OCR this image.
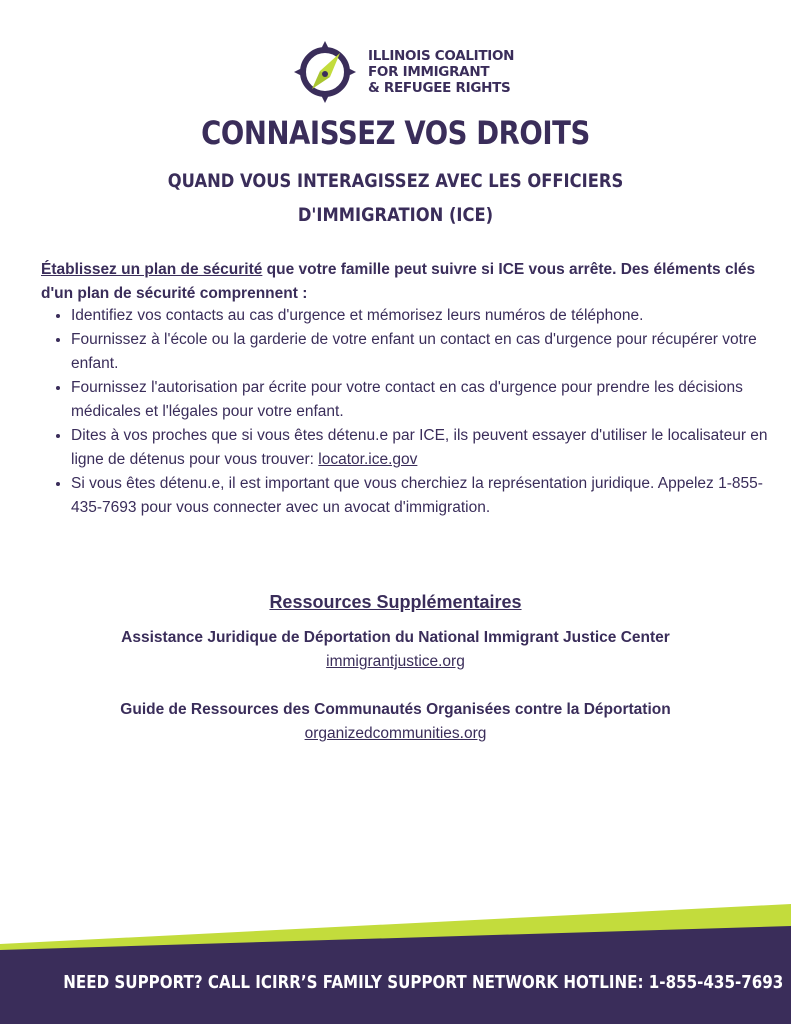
ILLINOIS COALITION
FOR IMMIGRANT
& REFUGEE RIGHTS
CONNAISSEZ VOS DROITS
QUAND VOUS INTERAGISSEZ AVEC LES OFFICIERS
D'IMMIGRATION (ICE)

Établissez un plan de sécurité que votre famille peut suivre si ICE vous arrête. Des éléments clés d'un plan de sécurité comprennent :

• Identifiez vos contacts au cas d'urgence et mémorisez leurs numéros de téléphone.
• Fournissez à l'école ou la garderie de votre enfant un contact en cas d'urgence pour récupérer votre enfant.
• Fournissez l'autorisation par écrite pour votre contact en cas d'urgence pour prendre les décisions médicales et l'légales pour votre enfant.
• Dites à vos proches que si vous êtes détenu.e par ICE, ils peuvent essayer d'utiliser le localisateur en ligne de détenus pour vous trouver: locator.ice.gov
• Si vous êtes détenu.e, il est important que vous cherchiez la représentation juridique. Appelez 1-855-435-7693 pour vous connecter avec un avocat d'immigration.
Ressources Supplémentaires
Assistance Juridique de Déportation du National Immigrant Justice Center
immigrantjustice.org
Guide de Ressources des Communautés Organisées contre la Déportation
organizedcommunities.org

NEED SUPPORT? CALL ICIRR’S FAMILY SUPPORT NETWORK HOTLINE: 1-855-435-7693
